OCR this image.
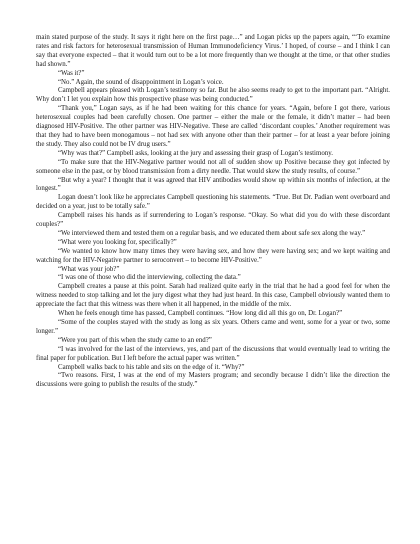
main stated purpose of the study. It says it right here on the first page…” and Logan picks up the papers again, “‘To examine rates and risk factors for heterosexual transmission of Human Immunodeficiency Virus.’ I hoped, of course – and I think I can say that everyone expected – that it would turn out to be a lot more frequently than we thought at the time, or that other studies had shown.”

“Was it?”

“No.” Again, the sound of disappointment in Logan’s voice.

Campbell appears pleased with Logan’s testimony so far. But he also seems ready to get to the important part. “Alright. Why don’t I let you explain how this prospective phase was being conducted.”

“Thank you,” Logan says, as if he had been waiting for this chance for years. “Again, before I got there, various heterosexual couples had been carefully chosen. One partner – either the male or the female, it didn’t matter – had been diagnosed HIV-Positive. The other partner was HIV-Negative. These are called ‘discordant couples.’ Another requirement was that they had to have been monogamous – not had sex with anyone other than their partner – for at least a year before joining the study. They also could not be IV drug users.”

“Why was that?” Campbell asks, looking at the jury and assessing their grasp of Logan’s testimony.

“To make sure that the HIV-Negative partner would not all of sudden show up Positive because they got infected by someone else in the past, or by blood transmission from a dirty needle. That would skew the study results, of course.”

“But why a year? I thought that it was agreed that HIV antibodies would show up within six months of infection, at the longest.”

Logan doesn’t look like he appreciates Campbell questioning his statements. “True. But Dr. Padian went overboard and decided on a year, just to be totally safe.”

Campbell raises his hands as if surrendering to Logan’s response. “Okay. So what did you do with these discordant couples?”

“We interviewed them and tested them on a regular basis, and we educated them about safe sex along the way.”

“What were you looking for, specifically?”

“We wanted to know how many times they were having sex, and how they were having sex; and we kept waiting and watching for the HIV-Negative partner to seroconvert – to become HIV-Positive.”

“What was your job?”

“I was one of those who did the interviewing, collecting the data.”

Campbell creates a pause at this point. Sarah had realized quite early in the trial that he had a good feel for when the witness needed to stop talking and let the jury digest what they had just heard. In this case, Campbell obviously wanted them to appreciate the fact that this witness was there when it all happened, in the middle of the mix.

When he feels enough time has passed, Campbell continues. “How long did all this go on, Dr. Logan?”

“Some of the couples stayed with the study as long as six years. Others came and went, some for a year or two, some longer.”

“Were you part of this when the study came to an end?”

“I was involved for the last of the interviews, yes, and part of the discussions that would eventually lead to writing the final paper for publication. But I left before the actual paper was written.”

Campbell walks back to his table and sits on the edge of it. “Why?”

“Two reasons. First, I was at the end of my Masters program; and secondly because I didn’t like the direction the discussions were going to publish the results of the study.”
